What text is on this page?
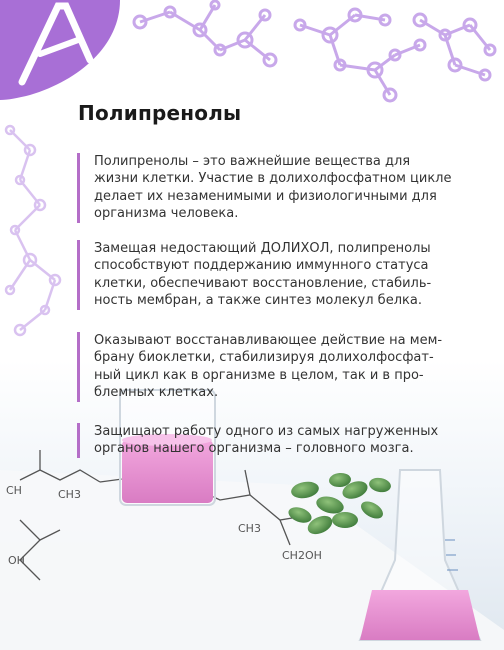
CH	CH3
CH3
CH2OH
OH
Полипренолы
Полипренолы – это важнейшие вещества для
жизни клетки. Участие в долихолфосфатном цикле
делает их незаменимыми и физиологичными для
организма человека.
Замещая недостающий ДОЛИХОЛ, полипренолы
способствуют поддержанию иммунного статуса
клетки, обеспечивают восстановление, стабиль-
ность мембран, а также синтез молекул белка.
Оказывают восстанавливающее действие на мем-
брану биоклетки, стабилизируя долихолфосфат-
ный цикл как в организме в целом, так и в про-
блемных клетках.
Защищают работу одного из самых нагруженных
органов нашего организма – головного мозга.
